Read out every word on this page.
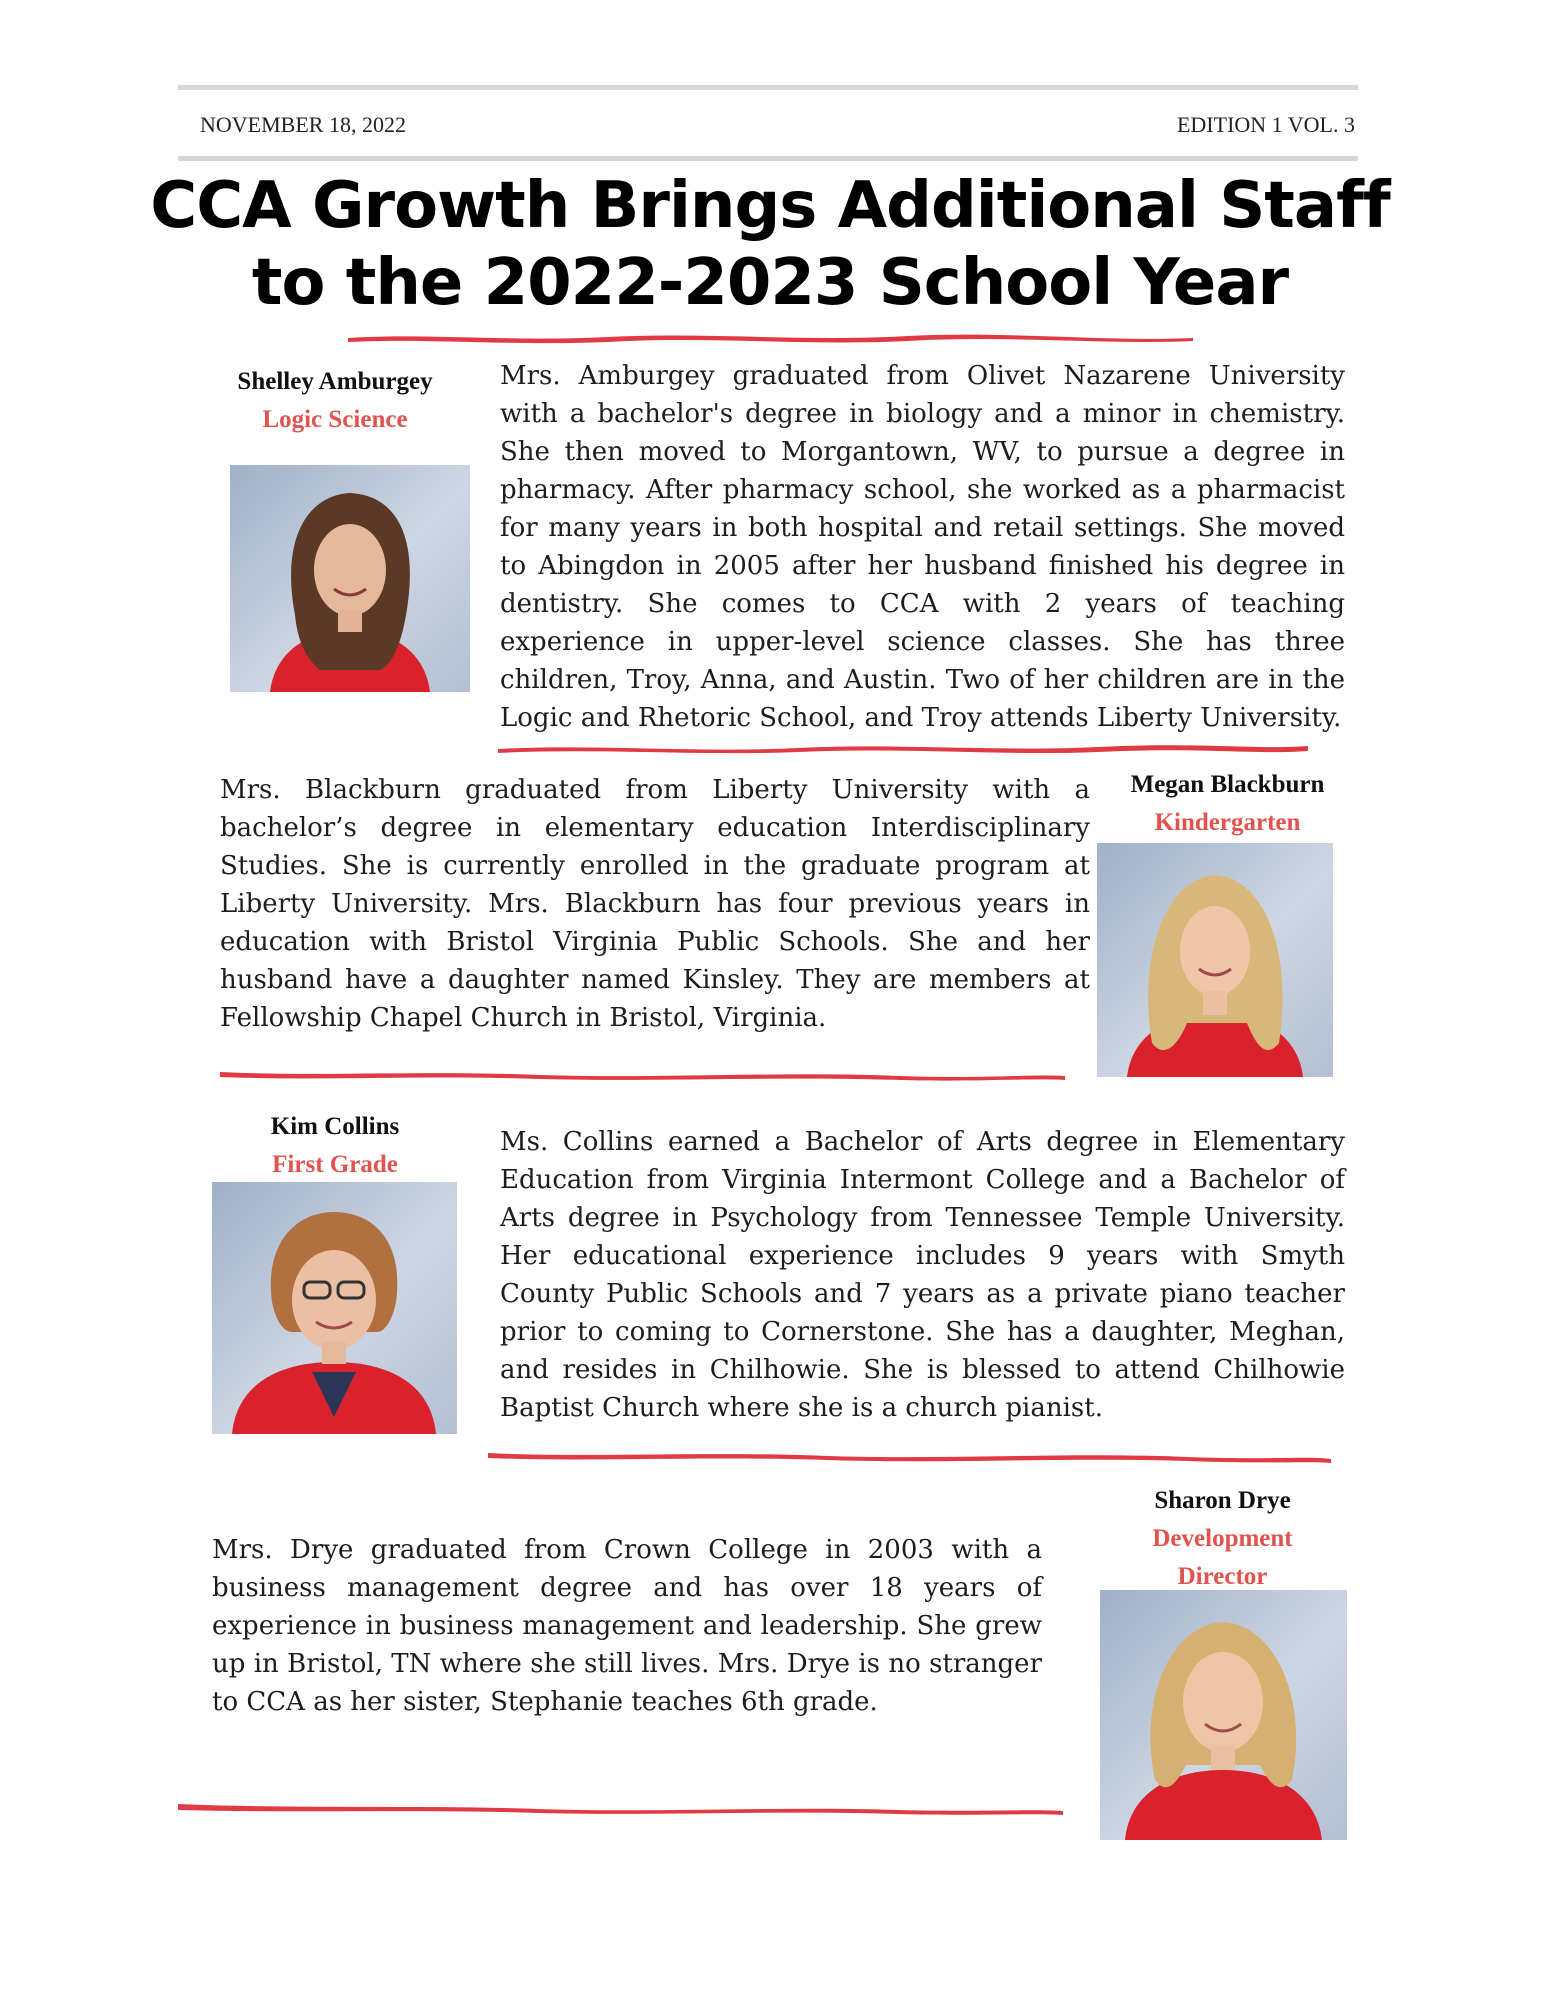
NOVEMBER 18, 2022	EDITION 1 VOL. 3
CCA Growth Brings Additional Staff
to the 2022-2023 School Year
Shelley Amburgey
Logic Science

Mrs. Amburgey graduated from Olivet Nazarene University with a bachelor's degree in biology and a minor in chemistry. She then moved to Morgantown, WV, to pursue a degree in pharmacy. After pharmacy school, she worked as a pharmacist for many years in both hospital and retail settings. She moved to Abingdon in 2005 after her husband finished his degree in dentistry. She comes to CCA with 2 years of teaching experience in upper-level science classes. She has three children, Troy, Anna, and Austin. Two of her children are in the Logic and Rhetoric School, and Troy attends Liberty University.

Mrs. Blackburn graduated from Liberty University with a bachelor’s degree in elementary education Interdisciplinary Studies. She is currently enrolled in the graduate program at Liberty University. Mrs. Blackburn has four previous years in education with Bristol Virginia Public Schools. She and her husband have a daughter named Kinsley. They are members at Fellowship Chapel Church in Bristol, Virginia.

Megan Blackburn
Kindergarten
Kim Collins
First Grade

Ms. Collins earned a Bachelor of Arts degree in Elementary Education from Virginia Intermont College and a Bachelor of Arts degree in Psychology from Tennessee Temple University. Her educational experience includes 9 years with Smyth County Public Schools and 7 years as a private piano teacher prior to coming to Cornerstone. She has a daughter, Meghan, and resides in Chilhowie. She is blessed to attend Chilhowie Baptist Church where she is a church pianist.

Sharon Drye
Development
Director

Mrs. Drye graduated from Crown College in 2003 with a business management degree and has over 18 years of experience in business management and leadership. She grew up in Bristol, TN where she still lives. Mrs. Drye is no stranger to CCA as her sister, Stephanie teaches 6th grade.
